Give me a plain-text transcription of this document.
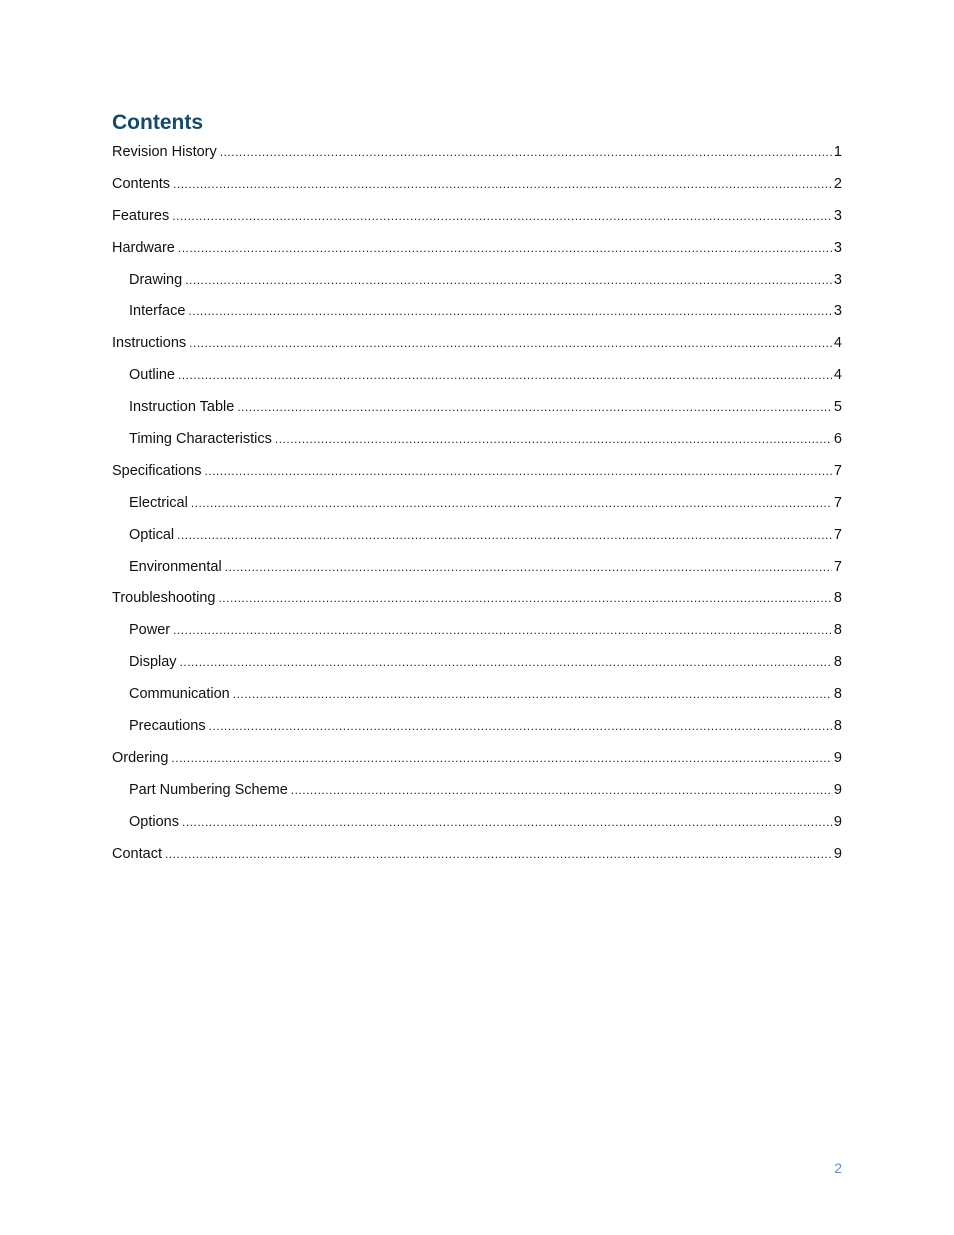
Contents
Revision History .....	1
Contents .....	2
Features .....	3
Hardware .....	3
Drawing .....	3
Interface .....	3
Instructions .....	4
Outline .....	4
Instruction Table .....	5
Timing Characteristics .....	6
Specifications .....	7
Electrical .....	7
Optical .....	7
Environmental .....	7
Troubleshooting .....	8
Power .....	8
Display .....	8
Communication .....	8
Precautions .....	8
Ordering .....	9
Part Numbering Scheme .....	9
Options .....	9
Contact .....	9
2
